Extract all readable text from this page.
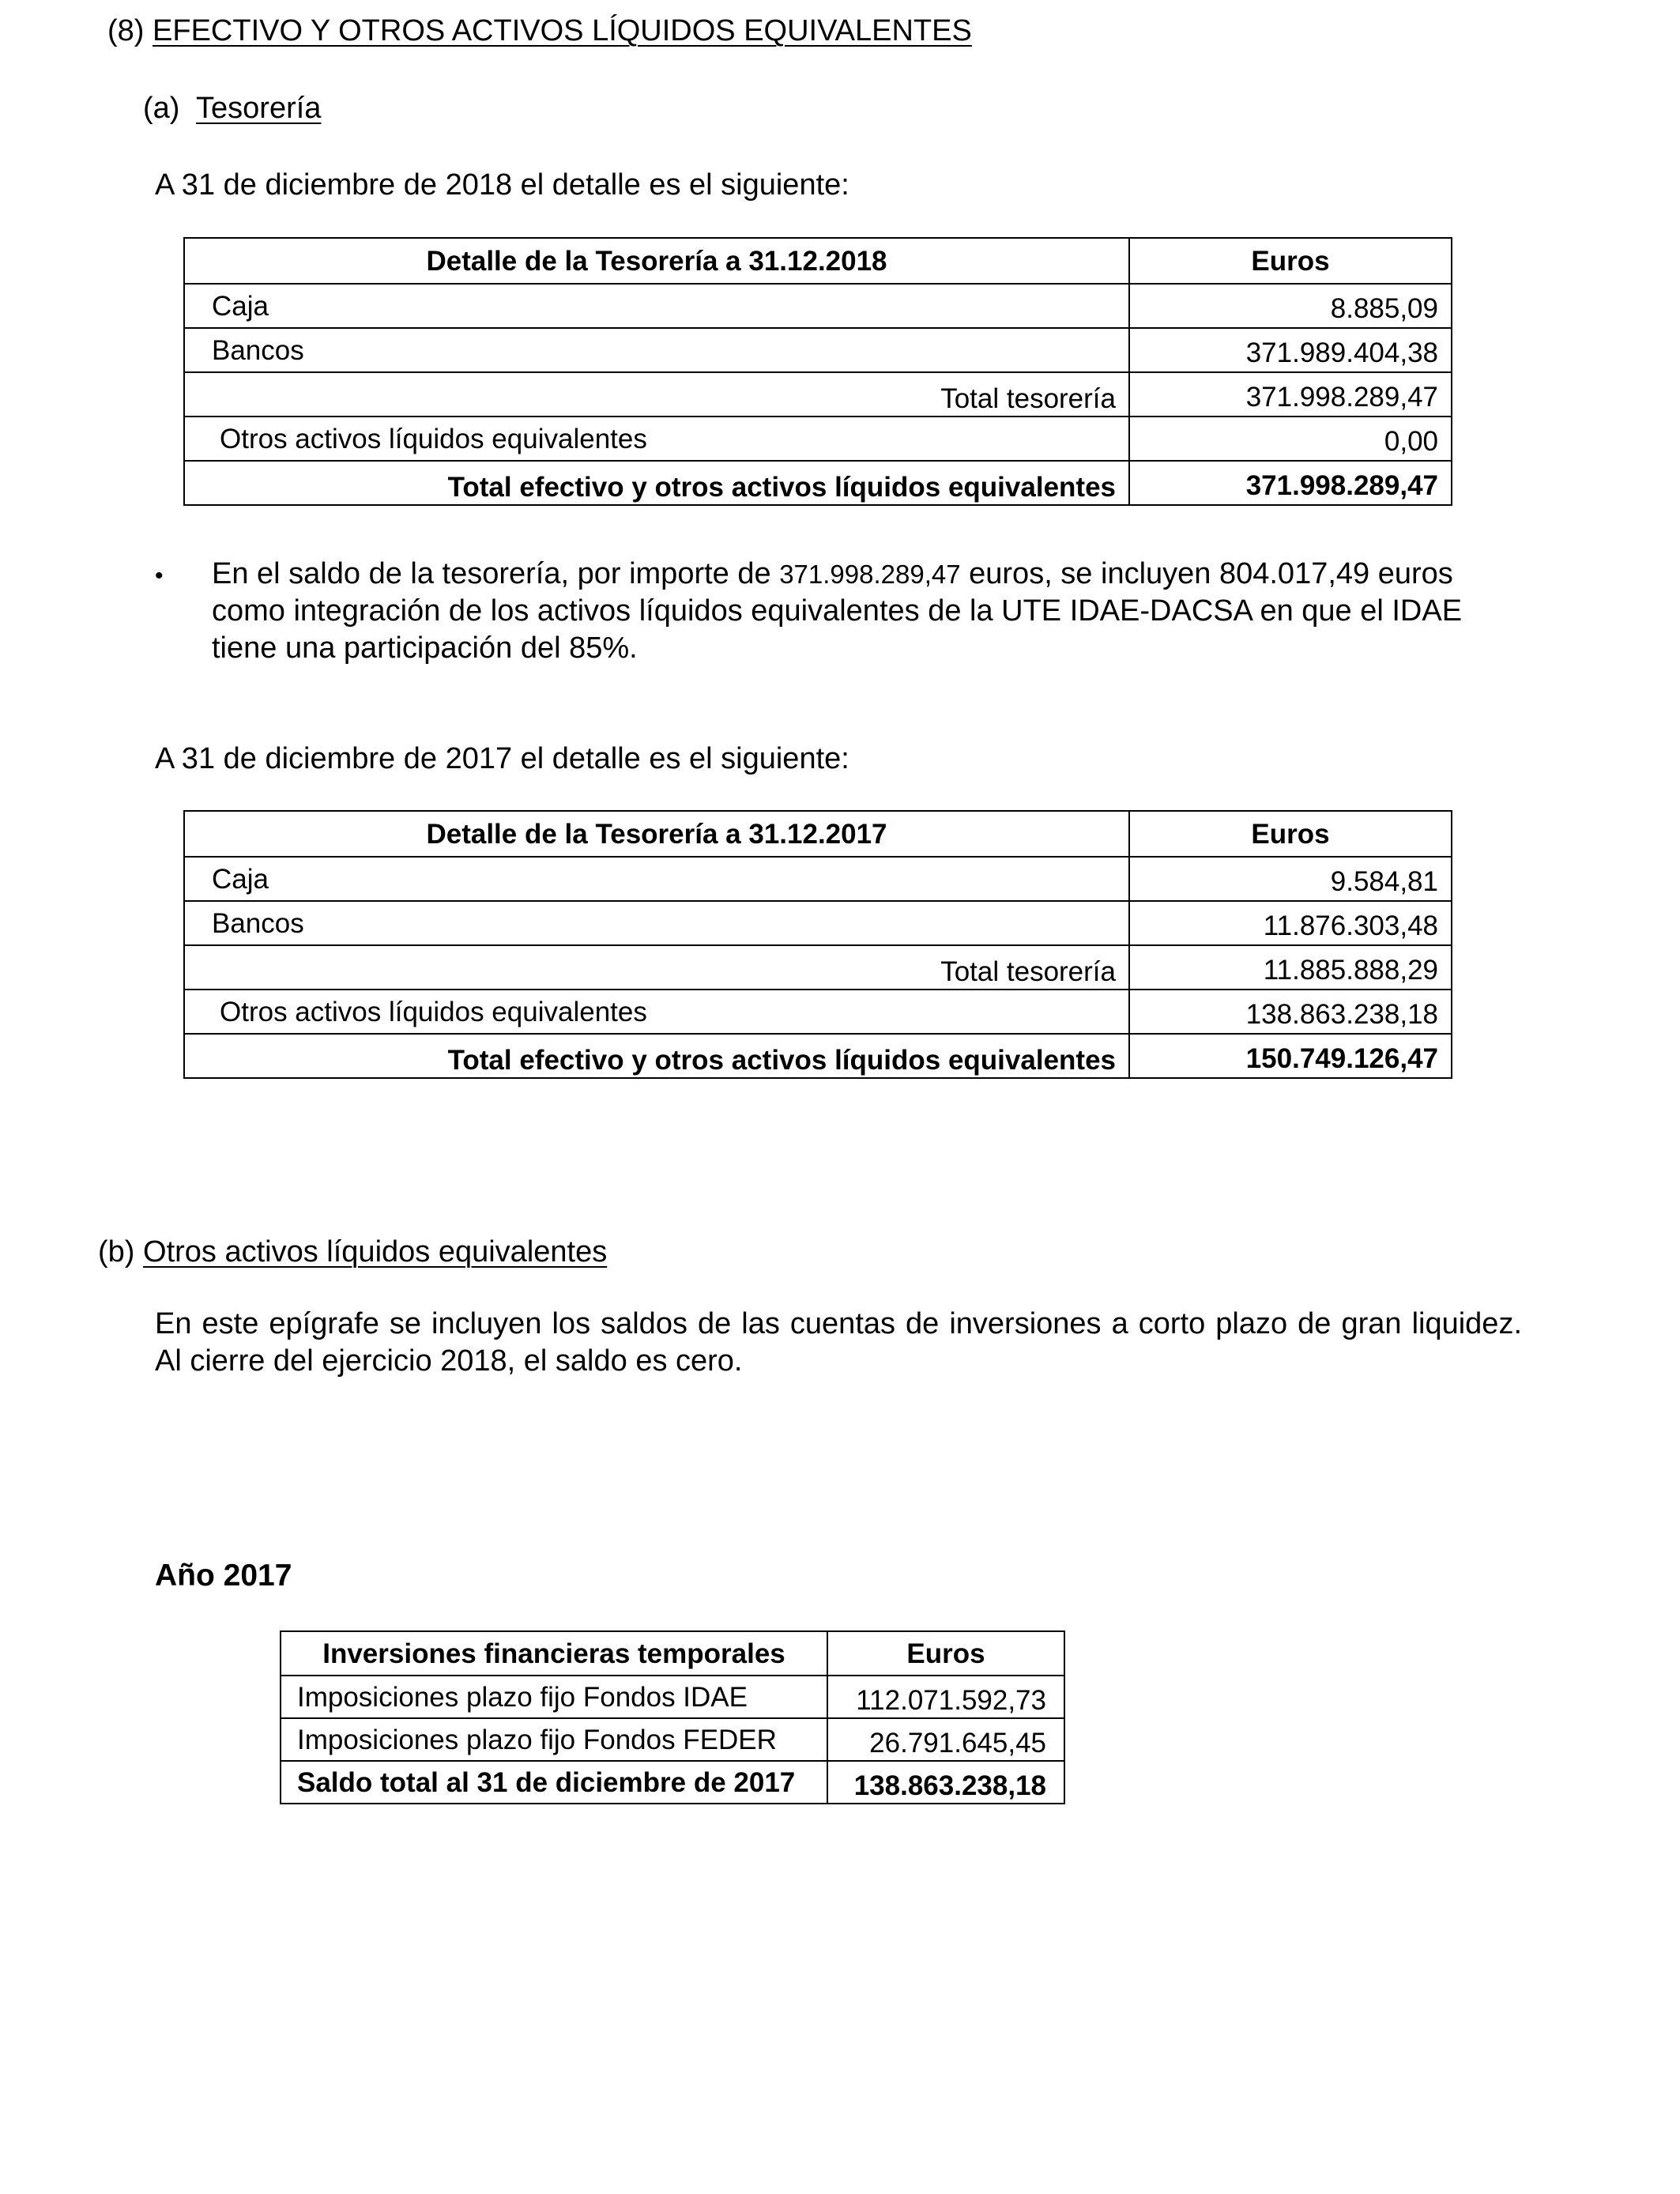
(8) EFECTIVO Y OTROS ACTIVOS LÍQUIDOS EQUIVALENTES
(a) Tesorería
A 31 de diciembre de 2018 el detalle es el siguiente:
Detalle de la Tesorería a 31.12.2018	Euros
Caja	8.885,09
Bancos	371.989.404,38
Total tesorería	371.998.289,47
Otros activos líquidos equivalentes	0,00
Total efectivo y otros activos líquidos equivalentes	371.998.289,47
• En el saldo de la tesorería, por importe de 371.998.289,47 euros, se incluyen 804.017,49 euros como integración de los activos líquidos equivalentes de la UTE IDAE-DACSA en que el IDAE tiene una participación del 85%.
A 31 de diciembre de 2017 el detalle es el siguiente:
Detalle de la Tesorería a 31.12.2017	Euros
Caja	9.584,81
Bancos	11.876.303,48
Total tesorería	11.885.888,29
Otros activos líquidos equivalentes	138.863.238,18
Total efectivo y otros activos líquidos equivalentes	150.749.126,47
(b) Otros activos líquidos equivalentes
En este epígrafe se incluyen los saldos de las cuentas de inversiones a corto plazo de gran liquidez. Al cierre del ejercicio 2018, el saldo es cero.
Año 2017
Inversiones financieras temporales	Euros
Imposiciones plazo fijo Fondos IDAE	112.071.592,73
Imposiciones plazo fijo Fondos FEDER	26.791.645,45
Saldo total al 31 de diciembre de 2017	138.863.238,18
